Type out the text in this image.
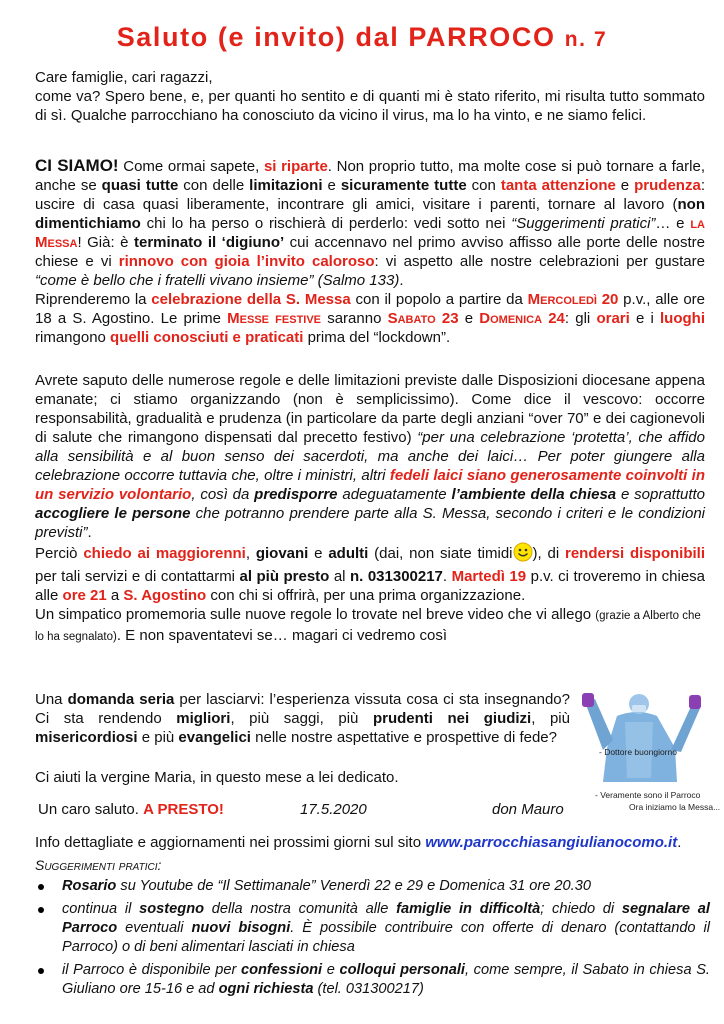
Saluto (e invito) dal PARROCO n. 7

Care famiglie, cari ragazzi,

come va? Spero bene, e, per quanti ho sentito e di quanti mi è stato riferito, mi risulta tutto sommato di sì. Qualche parrocchiano ha conosciuto da vicino il virus, ma lo ha vinto, e ne siamo felici.

CI SIAMO! Come ormai sapete, si riparte. Non proprio tutto, ma molte cose si può tornare a farle, anche se quasi tutte con delle limitazioni e sicuramente tutte con tanta attenzione e prudenza: uscire di casa quasi liberamente, incontrare gli amici, visitare i parenti, tornare al lavoro (non dimentichiamo chi lo ha perso o rischierà di perderlo: vedi sotto nei “Suggerimenti pratici”… e la Messa! Già: è terminato il ‘digiuno’ cui accennavo nel primo avviso affisso alle porte delle nostre chiese e vi rinnovo con gioia l’invito caloroso: vi aspetto alle nostre celebrazioni per gustare “come è bello che i fratelli vivano insieme” (Salmo 133).

Riprenderemo la celebrazione della S. Messa con il popolo a partire da Mercoledì 20 p.v., alle ore 18 a S. Agostino. Le prime Messe festive saranno Sabato 23 e Domenica 24: gli orari e i luoghi rimangono quelli conosciuti e praticati prima del “lockdown”.

Avrete saputo delle numerose regole e delle limitazioni previste dalle Disposizioni diocesane appena emanate; ci stiamo organizzando (non è semplicissimo). Come dice il vescovo: occorre responsabilità, gradualità e prudenza (in particolare da parte degli anziani “over 70” e dei cagionevoli di salute che rimangono dispensati dal precetto festivo) “per una celebrazione ‘protetta’, che affido alla sensibilità e al buon senso dei sacerdoti, ma anche dei laici… Per poter giungere alla celebrazione occorre tuttavia che, oltre i ministri, altri fedeli laici siano generosamente coinvolti in un servizio volontario, così da predisporre adeguatamente l’ambiente della chiesa e soprattutto accogliere le persone che potranno prendere parte alla S. Messa, secondo i criteri e le condizioni previsti”.

Perciò chiedo ai maggiorenni, giovani e adulti (dai, non siate timidi ), di rendersi disponibili per tali servizi e di contattarmi al più presto al n. 031300217. Martedì 19 p.v. ci troveremo in chiesa alle ore 21 a S. Agostino con chi si offrirà, per una prima organizzazione.

Un simpatico promemoria sulle nuove regole lo trovate nel breve video che vi allego (grazie a Alberto che lo ha segnalato). E non spaventatevi se… magari ci vedremo così

Una domanda seria per lasciarvi: l’esperienza vissuta cosa ci sta insegnando? Ci sta rendendo migliori, più saggi, più prudenti nei giudizi, più misericordiosi e più evangelici nelle nostre aspettative e prospettive di fede?

- Dottore buongiorno
- Veramente sono il Parroco
Ora iniziamo la Messa...
Ci aiuti la vergine Maria, in questo mese a lei dedicato.
Un caro saluto. A PRESTO!	17.5.2020	don Mauro
Info dettagliate e aggiornamenti nei prossimi giorni sul sito www.parrocchiasangiulianocomo.it.
Suggerimenti pratici:
Rosario su Youtube de “Il Settimanale” Venerdì 22 e 29 e Domenica 31 ore 20.30
continua il sostegno della nostra comunità alle famiglie in difficoltà; chiedo di segnalare al Parroco eventuali nuovi bisogni. È possibile contribuire con offerte di denaro (contattando il Parroco) o di beni alimentari lasciati in chiesa
il Parroco è disponibile per confessioni e colloqui personali, come sempre, il Sabato in chiesa S. Giuliano ore 15-16 e ad ogni richiesta (tel. 031300217)
